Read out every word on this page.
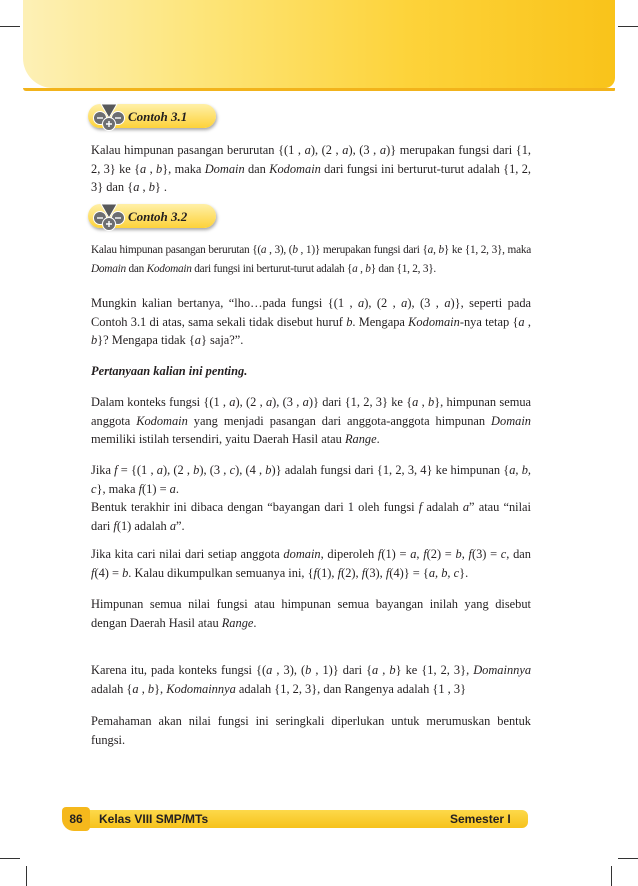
Contoh 3.1

Kalau himpunan pasangan berurutan {(1 , a), (2 , a), (3 , a)} merupakan fungsi dari {1, 2, 3} ke {a , b}, maka Domain dan Kodomain dari fungsi ini berturut-turut adalah {1, 2, 3} dan {a , b} .

Contoh 3.2

Kalau himpunan pasangan berurutan {(a , 3), (b , 1)} merupakan fungsi dari {a, b} ke {1, 2, 3}, maka Domain dan Kodomain dari fungsi ini berturut-turut adalah {a , b} dan {1, 2, 3}.

Mungkin kalian bertanya, “lho…pada fungsi {(1 , a), (2 , a), (3 , a)}, seperti pada Contoh 3.1 di atas, sama sekali tidak disebut huruf b. Mengapa Kodomain-nya tetap {a , b}? Mengapa tidak {a} saja?”.

Pertanyaan kalian ini penting.

Dalam konteks fungsi {(1 , a), (2 , a), (3 , a)} dari {1, 2, 3} ke {a , b}, himpunan semua anggota Kodomain yang menjadi pasangan dari anggota-anggota himpunan Domain memiliki istilah tersendiri, yaitu Daerah Hasil atau Range.

Jika f = {(1 , a), (2 , b), (3 , c), (4 , b)} adalah fungsi dari {1, 2, 3, 4} ke himpunan {a, b, c}, maka f(1) = a.
Bentuk terakhir ini dibaca dengan “bayangan dari 1 oleh fungsi f adalah a” atau “nilai dari f(1) adalah a”.

Jika kita cari nilai dari setiap anggota domain, diperoleh f(1) = a, f(2) = b, f(3) = c, dan f(4) = b. Kalau dikumpulkan semuanya ini, {f(1), f(2), f(3), f(4)} = {a, b, c}.

Himpunan semua nilai fungsi atau himpunan semua bayangan inilah yang disebut dengan Daerah Hasil atau Range.

Karena itu, pada konteks fungsi {(a , 3), (b , 1)} dari {a , b} ke {1, 2, 3}, Domainnya adalah {a , b}, Kodomainnya adalah {1, 2, 3}, dan Rangenya adalah {1 , 3}

Pemahaman akan nilai fungsi ini seringkali diperlukan untuk merumuskan bentuk fungsi.

86	Kelas VIII SMP/MTs	Semester I
